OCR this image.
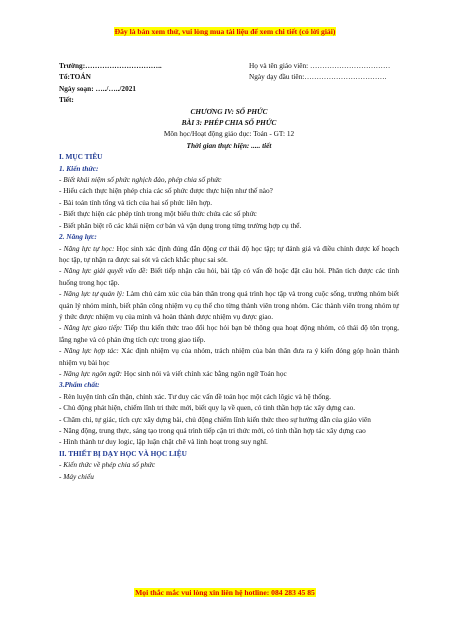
Đây là bản xem thử, vui lòng mua tài liệu để xem chi tiết (có lời giải)
Trường:…………………………..	Họ và tên giáo viên: ……………………………
Tổ:TOÁN	Ngày dạy đầu tiên:…………………………….

Ngày soạn: …../…../2021

Tiết:

CHƯƠNG IV: SỐ PHỨC

BÀI 3: PHÉP CHIA SỐ PHỨC

Môn học/Hoạt động giáo dục: Toán - GT: 12

Thời gian thực hiện: ..... tiết

I. MỤC TIÊU

1. Kiến thức:

- Biết khái niệm số phức nghịch đảo, phép chia số phức

- Hiểu cách thực hiện phép chia các số phức được thực hiện như thế nào?

- Bài toán tính tổng và tích của hai số phức liên hợp.

- Biết thực hiện các phép tính trong một biểu thức chứa các số phức

- Biết phân biệt rõ các khái niệm cơ bản và vận dụng trong từng trường hợp cụ thể.

2. Năng lực:

- Năng lực tự học: Học sinh xác định đúng đắn động cơ thái độ học tập; tự đánh giá và điều chỉnh được kế hoạch học tập, tự nhận ra được sai sót và cách khắc phục sai sót.

- Năng lực giải quyết vấn đề: Biết tiếp nhận câu hỏi, bài tập có vấn đề hoặc đặt câu hỏi. Phân tích được các tình huống trong học tập.

- Năng lực tự quản lý: Làm chủ cảm xúc của bản thân trong quá trình học tập và trong cuộc sống, trưởng nhóm biết quản lý nhóm mình, biết phân công nhiệm vụ cụ thể cho từng thành viên trong nhóm. Các thành viên trong nhóm tự ý thức được nhiệm vụ của mình và hoàn thành được nhiệm vụ được giao.

- Năng lực giao tiếp: Tiếp thu kiến thức trao đổi học hỏi bạn bè thông qua hoạt động nhóm, có thái độ tôn trọng, lắng nghe và có phản ứng tích cực trong giao tiếp.

- Năng lực hợp tác: Xác định nhiệm vụ của nhóm, trách nhiệm của bản thân đưa ra ý kiến đóng góp hoàn thành nhiệm vụ bài học

- Năng lực ngôn ngữ: Học sinh nói và viết chính xác bằng ngôn ngữ Toán học

3.Phẩm chất:

- Rèn luyện tính cẩn thận, chính xác. Tư duy các vấn đề toán học một cách lôgic và hệ thống.

- Chủ động phát hiện, chiếm lĩnh tri thức mới, biết quy lạ về quen, có tinh thần hợp tác xây dựng cao.

- Chăm chỉ, tự giác, tích cực xây dựng bài, chủ động chiếm lĩnh kiến thức theo sự hướng dẫn của giáo viên

- Năng động, trung thực, sáng tạo trong quá trình tiếp cận tri thức mới, có tinh thần hợp tác xây dựng cao

- Hình thành tư duy logic, lập luận chặt chẽ và linh hoạt trong suy nghĩ.

II. THIẾT BỊ DẠY HỌC VÀ HỌC LIỆU

- Kiến thức về phép chia số phức

- Máy chiếu

Mọi thắc mắc vui lòng xin liên hệ hotline: 084 283 45 85
